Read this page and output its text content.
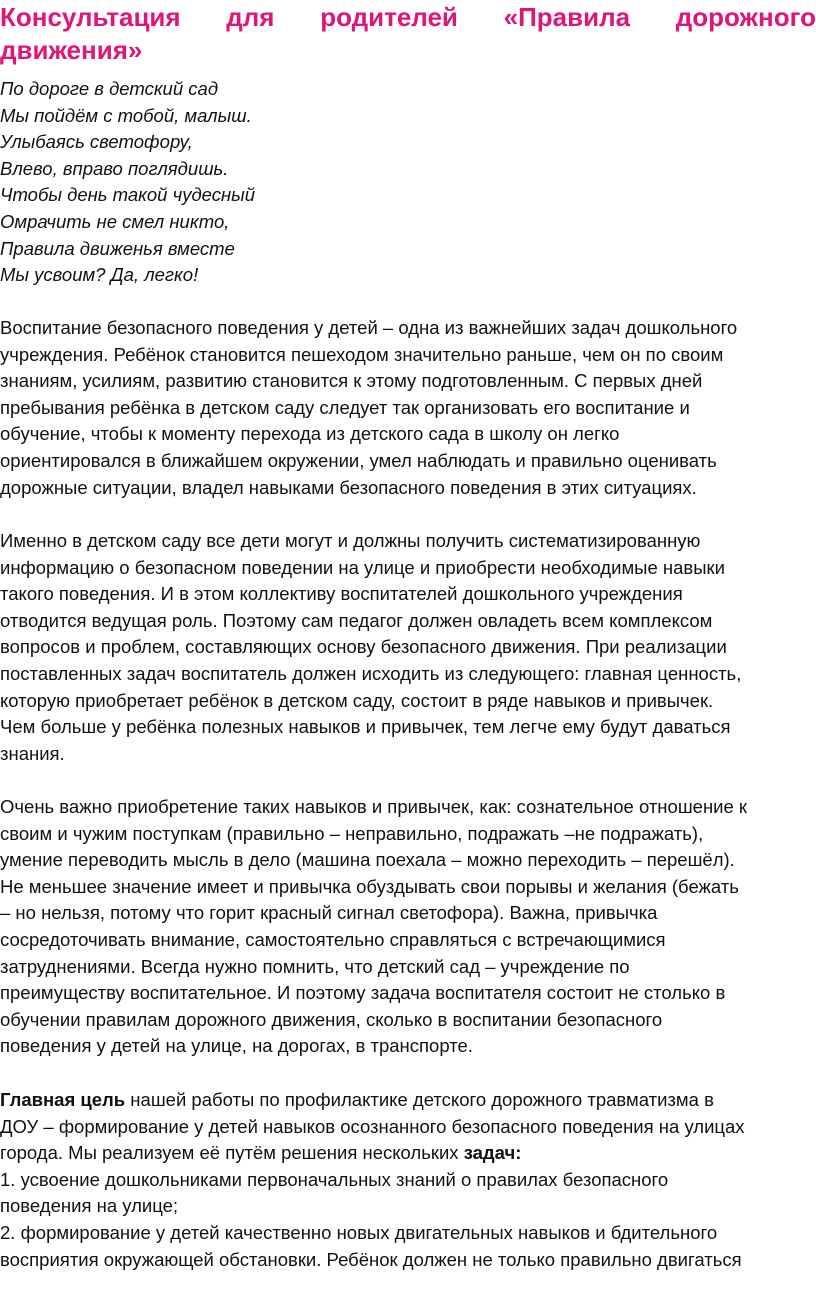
Консультация для родителей «Правила дорожного
движения»
По дороге в детский сад
Мы пойдём с тобой, малыш.
Улыбаясь светофору,
Влево, вправо поглядишь.
Чтобы день такой чудесный
Омрачить не смел никто,
Правила движенья вместе
Мы усвоим? Да, легко!
Воспитание безопасного поведения у детей – одна из важнейших задач дошкольного
учреждения. Ребёнок становится пешеходом значительно раньше, чем он по своим
знаниям, усилиям, развитию становится к этому подготовленным. С первых дней
пребывания ребёнка в детском саду следует так организовать его воспитание и
обучение, чтобы к моменту перехода из детского сада в школу он легко
ориентировался в ближайшем окружении, умел наблюдать и правильно оценивать
дорожные ситуации, владел навыками безопасного поведения в этих ситуациях.
Именно в детском саду все дети могут и должны получить систематизированную
информацию о безопасном поведении на улице и приобрести необходимые навыки
такого поведения. И в этом коллективу воспитателей дошкольного учреждения
отводится ведущая роль. Поэтому сам педагог должен овладеть всем комплексом
вопросов и проблем, составляющих основу безопасного движения. При реализации
поставленных задач воспитатель должен исходить из следующего: главная ценность,
которую приобретает ребёнок в детском саду, состоит в ряде навыков и привычек.
Чем больше у ребёнка полезных навыков и привычек, тем легче ему будут даваться
знания.
Очень важно приобретение таких навыков и привычек, как: сознательное отношение к
своим и чужим поступкам (правильно – неправильно, подражать –не подражать),
умение переводить мысль в дело (машина поехала – можно переходить – перешёл).
Не меньшее значение имеет и привычка обуздывать свои порывы и желания (бежать
– но нельзя, потому что горит красный сигнал светофора). Важна, привычка
сосредоточивать внимание, самостоятельно справляться с встречающимися
затруднениями. Всегда нужно помнить, что детский сад – учреждение по
преимуществу воспитательное. И поэтому задача воспитателя состоит не столько в
обучении правилам дорожного движения, сколько в воспитании безопасного
поведения у детей на улице, на дорогах, в транспорте.
Главная цель нашей работы по профилактике детского дорожного травматизма в
ДОУ – формирование у детей навыков осознанного безопасного поведения на улицах
города. Мы реализуем её путём решения нескольких задач:
1. усвоение дошкольниками первоначальных знаний о правилах безопасного
поведения на улице;
2. формирование у детей качественно новых двигательных навыков и бдительного
восприятия окружающей обстановки. Ребёнок должен не только правильно двигаться
